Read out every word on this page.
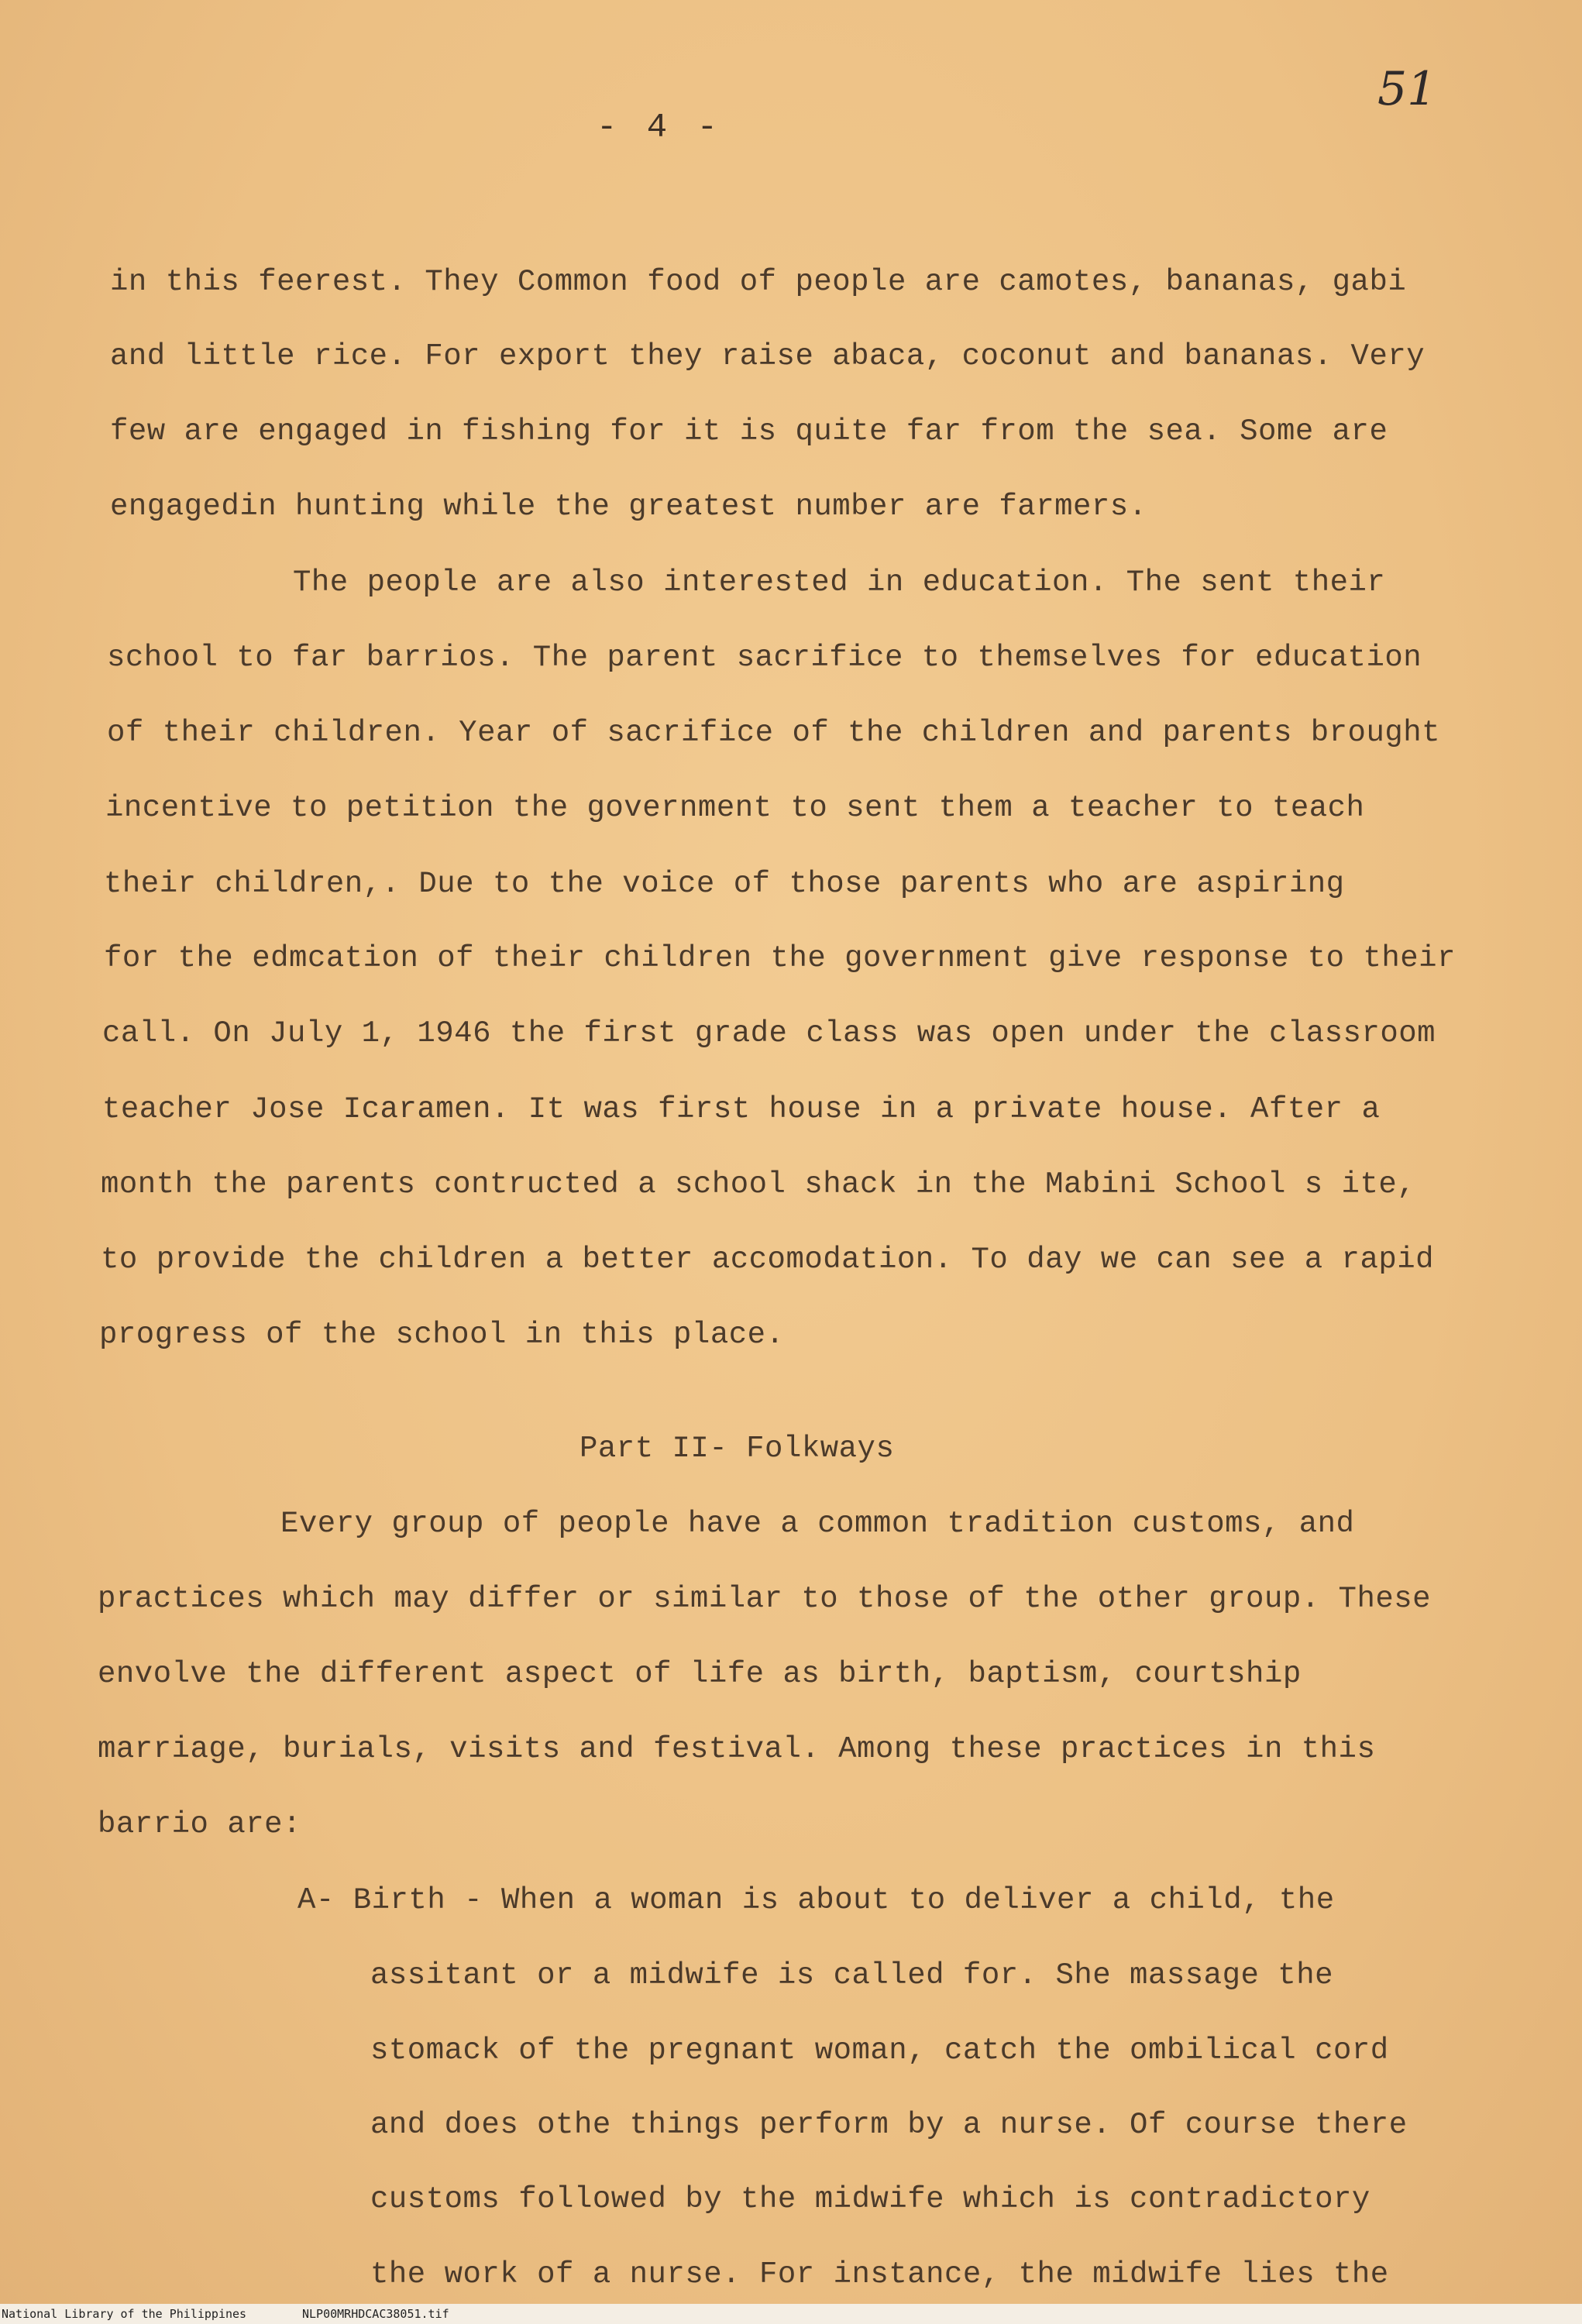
- 4 -
51
in this feerest. They Common food of people are camotes, bananas, gabi
and little rice. For export they raise abaca, coconut and bananas. Very
few are engaged in fishing for it is quite far from the sea. Some are
engagedin hunting while the greatest number are farmers.
The people are also interested in education. The sent their
school to far barrios. The parent sacrifice to themselves for education
of their children. Year of sacrifice of the children and parents brought
incentive to petition the government to sent them a teacher to teach
their children,. Due to the voice of those parents who are aspiring
for the edmcation of their children the government give response to their
call. On July 1, 1946 the first grade class was open under the classroom
teacher Jose Icaramen. It was first house in a private house. After a
month the parents contructed a school shack in the Mabini School s ite,
to provide the children a better accomodation. To day we can see a rapid
progress of the school in this place.
Part II- Folkways
Every group of people have a common tradition customs, and
practices which may differ or similar to those of the other group. These
envolve the different aspect of life as birth, baptism, courtship
marriage, burials, visits and festival. Among these practices in this
barrio are:
A- Birth - When a woman is about to deliver a child, the
assitant or a midwife is called for. She massage the
stomack of the pregnant woman, catch the ombilical cord
and does othe things perform by a nurse. Of course there
customs followed by the midwife which is contradictory
the work of a nurse. For instance, the midwife lies the
National Library of the Philippines	NLP00MRHDCAC38051.tif
